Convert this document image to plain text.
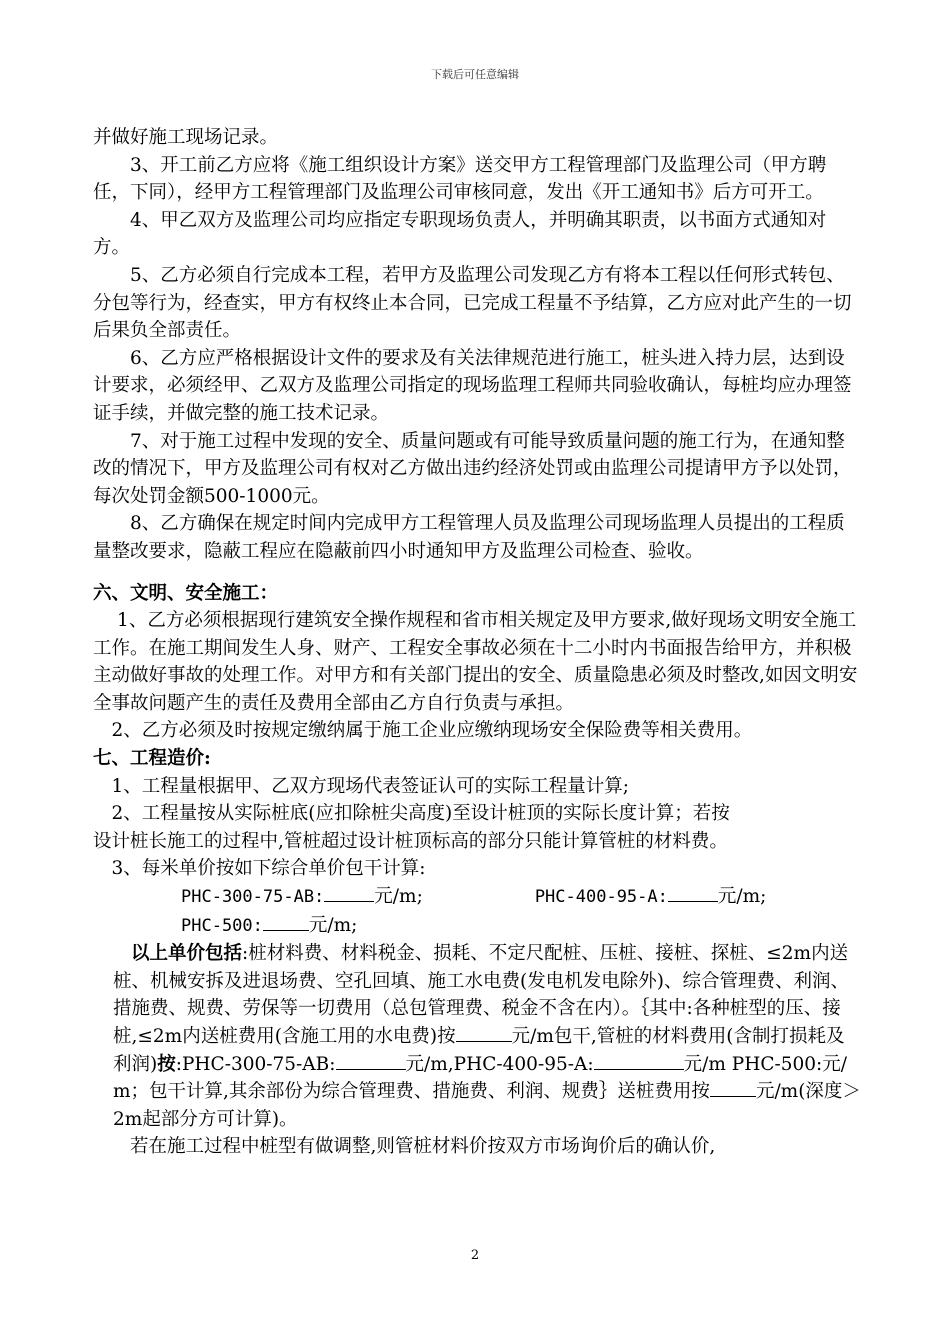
下载后可任意编辑

并做好施工现场记录。

3、开工前乙方应将《施工组织设计方案》送交甲方工程管理部门及监理公司（甲方聘任，下同），经甲方工程管理部门及监理公司审核同意，发出《开工通知书》后方可开工。

4、甲乙双方及监理公司均应指定专职现场负责人，并明确其职责，以书面方式通知对方。

5、乙方必须自行完成本工程，若甲方及监理公司发现乙方有将本工程以任何形式转包、分包等行为，经查实，甲方有权终止本合同，已完成工程量不予结算，乙方应对此产生的一切后果负全部责任。

6、乙方应严格根据设计文件的要求及有关法律规范进行施工，桩头进入持力层，达到设计要求，必须经甲、乙双方及监理公司指定的现场监理工程师共同验收确认，每桩均应办理签证手续，并做完整的施工技术记录。

7、对于施工过程中发现的安全、质量问题或有可能导致质量问题的施工行为，在通知整改的情况下，甲方及监理公司有权对乙方做出违约经济处罚或由监理公司提请甲方予以处罚，每次处罚金额500-1000元。

8、乙方确保在规定时间内完成甲方工程管理人员及监理公司现场监理人员提出的工程质量整改要求，隐蔽工程应在隐蔽前四小时通知甲方及监理公司检查、验收。

六、文明、安全施工：

1、乙方必须根据现行建筑安全操作规程和省市相关规定及甲方要求,做好现场文明安全施工工作。在施工期间发生人身、财产、工程安全事故必须在十二小时内书面报告给甲方，并积极主动做好事故的处理工作。对甲方和有关部门提出的安全、质量隐患必须及时整改,如因文明安全事故问题产生的责任及费用全部由乙方自行负责与承担。

2、乙方必须及时按规定缴纳属于施工企业应缴纳现场安全保险费等相关费用。

七、工程造价:

1、工程量根据甲、乙双方现场代表签证认可的实际工程量计算;

2、工程量按从实际桩底(应扣除桩尖高度)至设计桩顶的实际长度计算；若按

设计桩长施工的过程中,管桩超过设计桩顶标高的部分只能计算管桩的材料费。

3、每米单价按如下综合单价包干计算:

PHC-300-75-AB:	元/m;	PHC-400-95-A:	元/m;
PHC-500: 元/m;
以上单价包括:桩材料费、材料税金、损耗、不定尺配桩、压桩、接桩、探桩、≤2m内送桩、机械安拆及进退场费、空孔回填、施工水电费(发电机发电除外)、综合管理费、利润、措施费、规费、劳保等一切费用（总包管理费、税金不含在内）。｛其中:各种桩型的压、接桩,≤2m内送桩费用(含施工用的水电费)按	元/m包干,管桩的材料费用(含制打损耗及利润)按:PHC-300-75-AB:	元/m,PHC-400-95-A:	元/m PHC-500:元/m；包干计算,其余部份为综合管理费、措施费、利润、规费｝送桩费用按 元/m(深度＞2m起部分方可计算)。

若在施工过程中桩型有做调整,则管桩材料价按双方市场询价后的确认价,

2
